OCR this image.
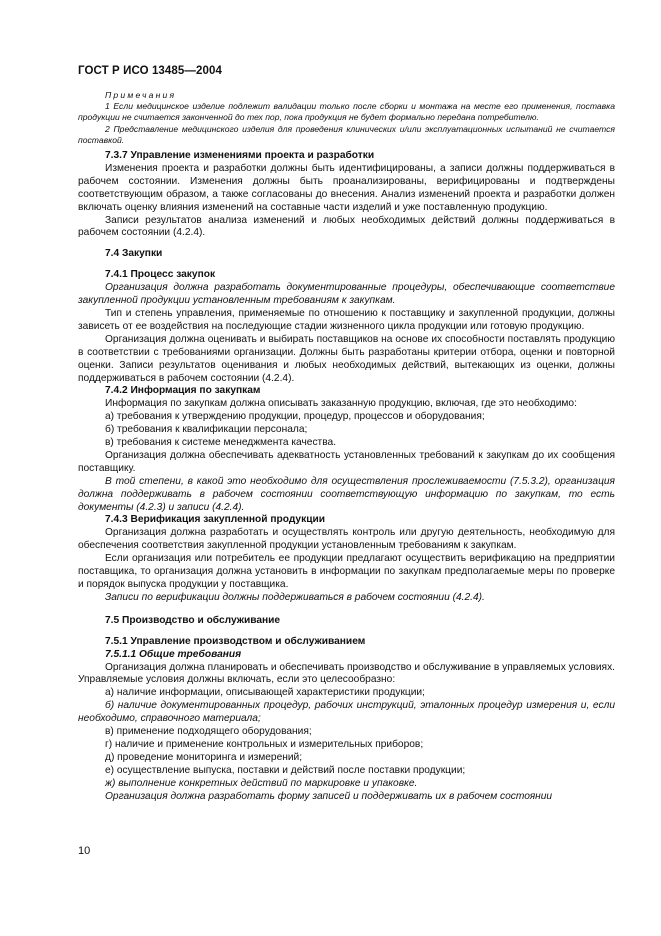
ГОСТ Р ИСО 13485—2004

Примечания

1 Если медицинское изделие подлежит валидации только после сборки и монтажа на месте его применения, поставка продукции не считается законченной до тех пор, пока продукция не будет формально передана потребителю.

2 Представление медицинского изделия для проведения клинических и/или эксплуатационных испытаний не считается поставкой.

7.3.7 Управление изменениями проекта и разработки

Изменения проекта и разработки должны быть идентифицированы, а записи должны поддерживаться в рабочем состоянии. Изменения должны быть проанализированы, верифицированы и подтверждены соответствующим образом, а также согласованы до внесения. Анализ изменений проекта и разработки должен включать оценку влияния изменений на составные части изделий и уже поставленную продукцию.

Записи результатов анализа изменений и любых необходимых действий должны поддерживаться в рабочем состоянии (4.2.4).

7.4 Закупки

7.4.1 Процесс закупок

Организация должна разработать документированные процедуры, обеспечивающие соответствие закупленной продукции установленным требованиям к закупкам.

Тип и степень управления, применяемые по отношению к поставщику и закупленной продукции, должны зависеть от ее воздействия на последующие стадии жизненного цикла продукции или готовую продукцию.

Организация должна оценивать и выбирать поставщиков на основе их способности поставлять продукцию в соответствии с требованиями организации. Должны быть разработаны критерии отбора, оценки и повторной оценки. Записи результатов оценивания и любых необходимых действий, вытекающих из оценки, должны поддерживаться в рабочем состоянии (4.2.4).

7.4.2 Информация по закупкам

Информация по закупкам должна описывать заказанную продукцию, включая, где это необходимо:

а) требования к утверждению продукции, процедур, процессов и оборудования;

б) требования к квалификации персонала;

в) требования к системе менеджмента качества.

Организация должна обеспечивать адекватность установленных требований к закупкам до их сообщения поставщику.

В той степени, в какой это необходимо для осуществления прослеживаемости (7.5.3.2), организация должна поддерживать в рабочем состоянии соответствующую информацию по закупкам, то есть документы (4.2.3) и записи (4.2.4).

7.4.3 Верификация закупленной продукции

Организация должна разработать и осуществлять контроль или другую деятельность, необходимую для обеспечения соответствия закупленной продукции установленным требованиям к закупкам.

Если организация или потребитель ее продукции предлагают осуществить верификацию на предприятии поставщика, то организация должна установить в информации по закупкам предполагаемые меры по проверке и порядок выпуска продукции у поставщика.

Записи по верификации должны поддерживаться в рабочем состоянии (4.2.4).

7.5 Производство и обслуживание

7.5.1 Управление производством и обслуживанием

7.5.1.1 Общие требования

Организация должна планировать и обеспечивать производство и обслуживание в управляемых условиях. Управляемые условия должны включать, если это целесообразно:

а) наличие информации, описывающей характеристики продукции;

б) наличие документированных процедур, рабочих инструкций, эталонных процедур измерения и, если необходимо, справочного материала;

в) применение подходящего оборудования;

г) наличие и применение контрольных и измерительных приборов;

д) проведение мониторинга и измерений;

е) осуществление выпуска, поставки и действий после поставки продукции;

ж) выполнение конкретных действий по маркировке и упаковке.

Организация должна разработать форму записей и поддерживать их в рабочем состоянии

10
